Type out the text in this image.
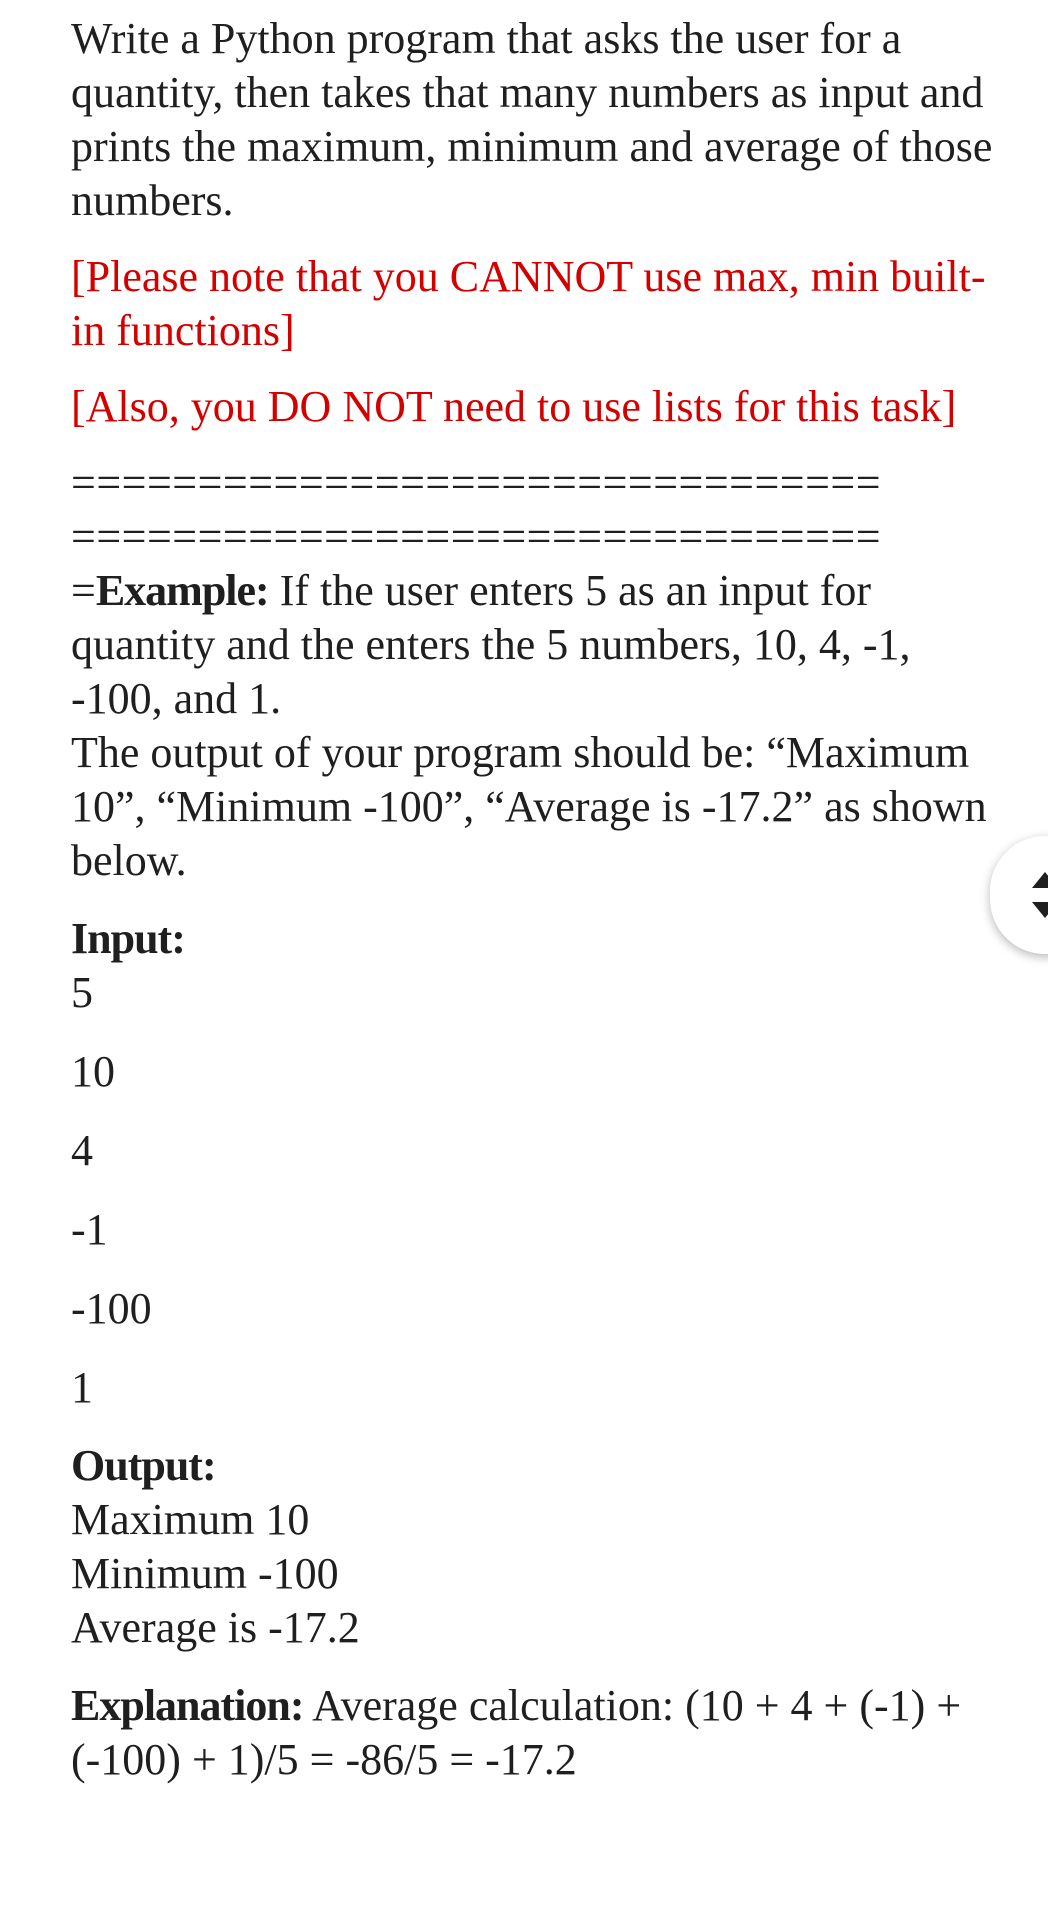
Write a Python program that asks the user for a quantity, then takes that many numbers as input and prints the maximum, minimum and average of those numbers.

[Please note that you CANNOT use max, min built-in functions]

[Also, you DO NOT need to use lists for this task]

================================
================================

=Example: If the user enters 5 as an input for quantity and the enters the 5 numbers, 10, 4, -1, -100, and 1.

The output of your program should be: “Maximum 10”, “Minimum -100”, “Average is -17.2” as shown below.

Input:

5
10
4
-1
-100
1

Output:

Maximum 10
Minimum -100
Average is -17.2

Explanation: Average calculation: (10 + 4 + (-1) + (-100) + 1)/5 = -86/5 = -17.2
